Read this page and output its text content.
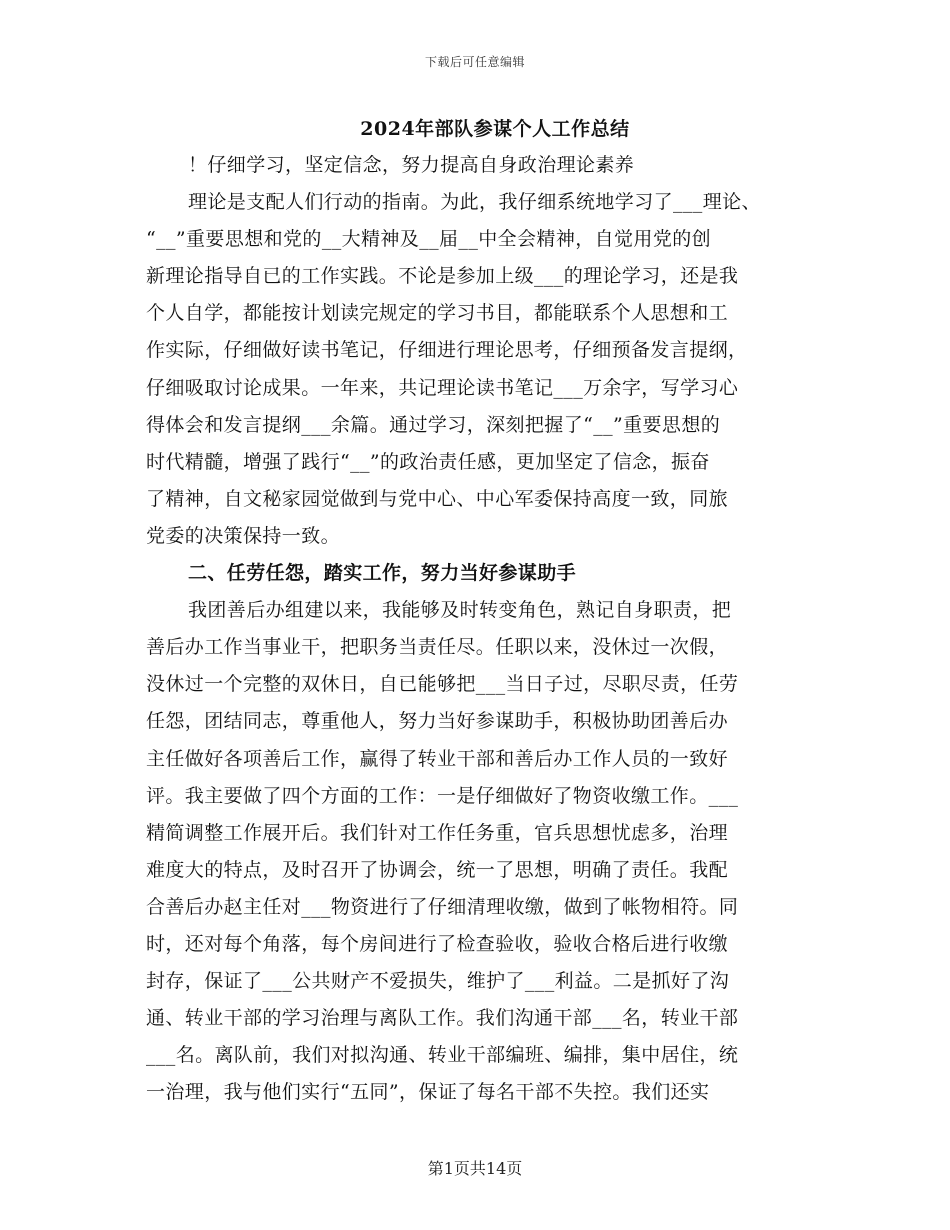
下载后可任意编辑
2024年部队参谋个人工作总结
！仔细学习，坚定信念，努力提高自身政治理论素养
理论是支配人们行动的指南。为此，我仔细系统地学习了___理论、
“__”重要思想和党的__大精神及__届__中全会精神，自觉用党的创
新理论指导自已的工作实践。不论是参加上级___的理论学习，还是我
个人自学，都能按计划读完规定的学习书目，都能联系个人思想和工
作实际，仔细做好读书笔记，仔细进行理论思考，仔细预备发言提纲，
仔细吸取讨论成果。一年来，共记理论读书笔记___万余字，写学习心
得体会和发言提纲___余篇。通过学习，深刻把握了“__”重要思想的
时代精髓，增强了践行“__”的政治责任感，更加坚定了信念，振奋
了精神，自文秘家园觉做到与党中心、中心军委保持高度一致，同旅
党委的决策保持一致。
二、任劳任怨，踏实工作，努力当好参谋助手
我团善后办组建以来，我能够及时转变角色，熟记自身职责，把
善后办工作当事业干，把职务当责任尽。任职以来，没休过一次假，
没休过一个完整的双休日，自已能够把___当日子过，尽职尽责，任劳
任怨，团结同志，尊重他人，努力当好参谋助手，积极协助团善后办
主任做好各项善后工作，赢得了转业干部和善后办工作人员的一致好
评。我主要做了四个方面的工作：一是仔细做好了物资收缴工作。___
精简调整工作展开后。我们针对工作任务重，官兵思想忧虑多，治理
难度大的特点，及时召开了协调会，统一了思想，明确了责任。我配
合善后办赵主任对___物资进行了仔细清理收缴，做到了帐物相符。同
时，还对每个角落，每个房间进行了检查验收，验收合格后进行收缴
封存，保证了___公共财产不爱损失，维护了___利益。二是抓好了沟
通、转业干部的学习治理与离队工作。我们沟通干部___名，转业干部
___名。离队前，我们对拟沟通、转业干部编班、编排，集中居住，统
一治理，我与他们实行“五同”，保证了每名干部不失控。我们还实
第1页共14页
